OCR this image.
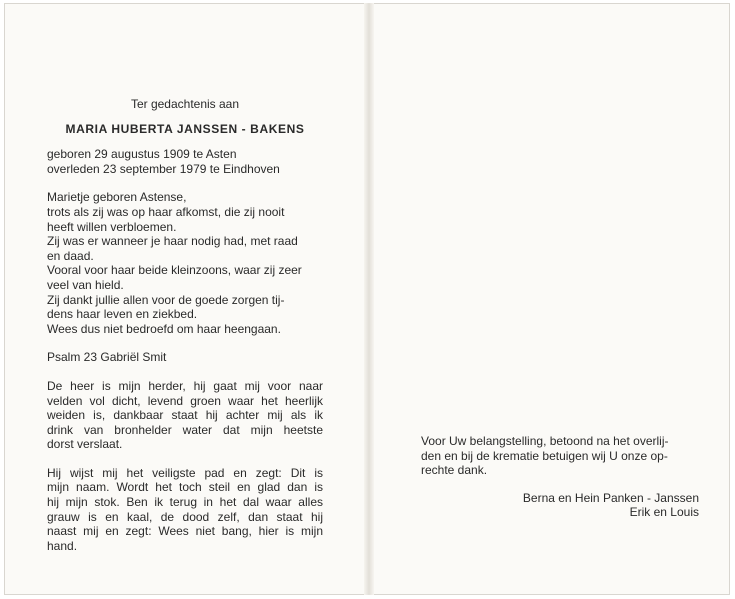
Ter gedachtenis aan
MARIA HUBERTA JANSSEN - BAKENS
geboren 29 augustus 1909 te Asten
overleden 23 september 1979 te Eindhoven
Marietje geboren Astense,
trots als zij was op haar afkomst, die zij nooit
heeft willen verbloemen.
Zij was er wanneer je haar nodig had, met raad
en daad.
Vooral voor haar beide kleinzoons, waar zij zeer
veel van hield.
Zij dankt jullie allen voor de goede zorgen tij-
dens haar leven en ziekbed.
Wees dus niet bedroefd om haar heengaan.
Psalm 23 Gabriël Smit
De heer is mijn herder, hij gaat mij voor naar
velden vol dicht, levend groen waar het heerlijk
weiden is, dankbaar staat hij achter mij als ik
drink van bronhelder water dat mijn heetste
dorst verslaat.
Hij wijst mij het veiligste pad en zegt: Dit is
mijn naam. Wordt het toch steil en glad dan is
hij mijn stok. Ben ik terug in het dal waar alles
grauw is en kaal, de dood zelf, dan staat hij
naast mij en zegt: Wees niet bang, hier is mijn
hand.
Voor Uw belangstelling, betoond na het overlij-
den en bij de krematie betuigen wij U onze op-
rechte dank.
Berna en Hein Panken - Janssen
Erik en Louis
